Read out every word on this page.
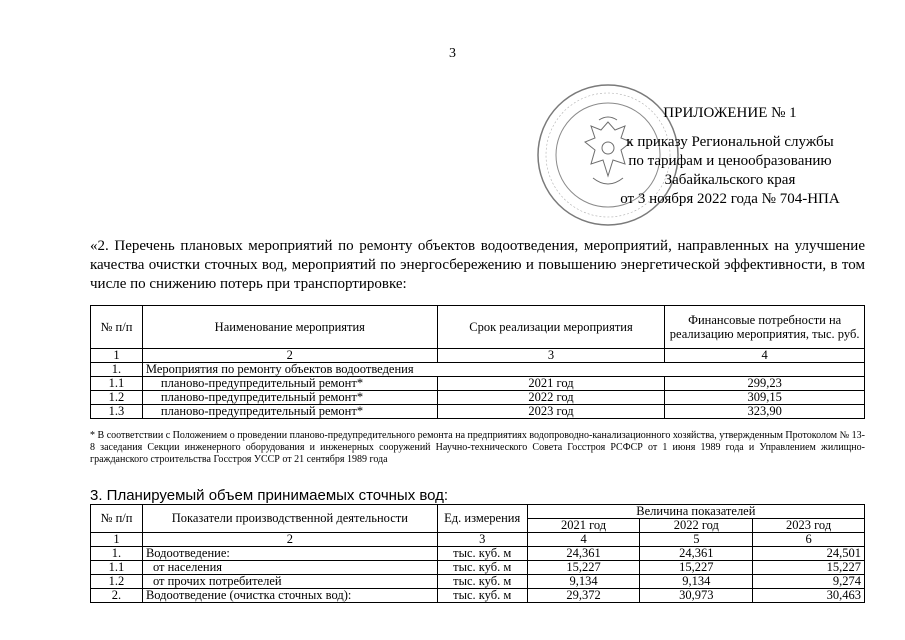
3
ПРИЛОЖЕНИЕ № 1
к приказу Региональной службы
по тарифам и ценообразованию
Забайкальского края
от 3 ноября 2022 года № 704-НПА
«2. Перечень плановых мероприятий по ремонту объектов водоотведения, мероприятий, направленных на улучшение качества очистки сточных вод, мероприятий по энергосбережению и повышению энергетической эффективности, в том числе по снижению потерь при транспортировке:
№ п/п	Наименование мероприятия	Срок реализации мероприятия	Финансовые потребности на реализацию мероприятия, тыс. руб.
1	2	3	4
1.	Мероприятия по ремонту объектов водоотведения		
1.1	планово-предупредительный ремонт*	2021 год	299,23
1.2	планово-предупредительный ремонт*	2022 год	309,15
1.3	планово-предупредительный ремонт*	2023 год	323,90
* В соответствии с Положением о проведении планово-предупредительного ремонта на предприятиях водопроводно-канализационного хозяйства, утвержденным Протоколом № 13-8 заседания Секции инженерного оборудования и инженерных сооружений Научно-технического Совета Госстроя РСФСР от 1 июня 1989 года и Управлением жилищно-гражданского строительства Госстроя УССР от 21 сентября 1989 года
3. Планируемый объем принимаемых сточных вод:
№ п/п	Показатели производственной деятельности	Ед. измерения	Величина показателей		
			2021 год	2022 год	2023 год
1	2	3	4	5	6
1.	Водоотведение:	тыс. куб. м	24,361	24,361	24,501
1.1	от населения	тыс. куб. м	15,227	15,227	15,227
1.2	от прочих потребителей	тыс. куб. м	9,134	9,134	9,274
2.	Водоотведение (очистка сточных вод):	тыс. куб. м	29,372	30,973	30,463
